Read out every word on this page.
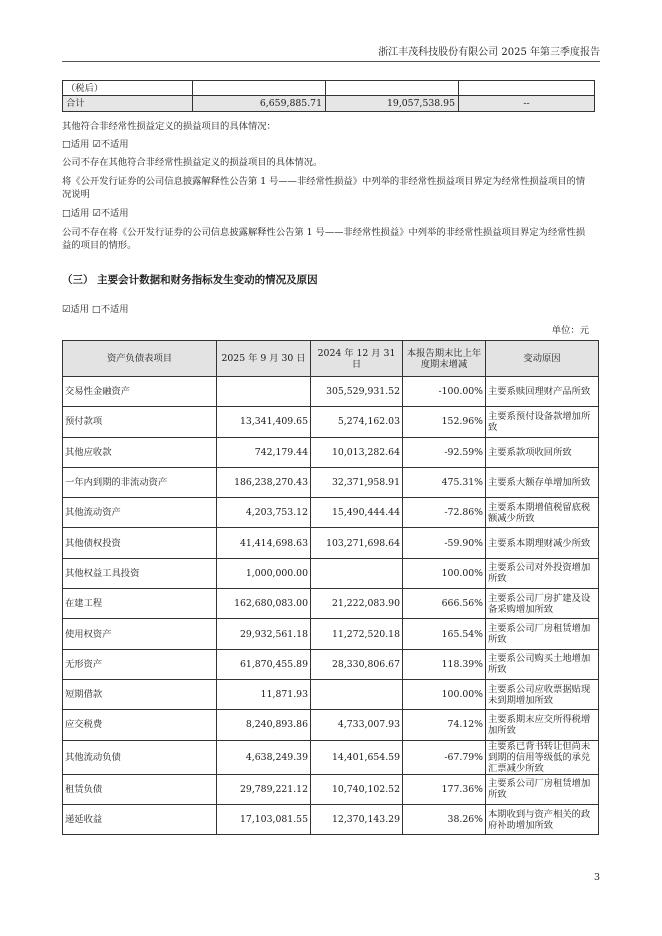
浙江丰茂科技股份有限公司 2025 年第三季度报告
（税后）			
合计	6,659,885.71	19,057,538.95	--
其他符合非经常性损益定义的损益项目的具体情况：
□适用 ☑不适用
公司不存在其他符合非经常性损益定义的损益项目的具体情况。
将《公开发行证券的公司信息披露解释性公告第 1 号——非经常性损益》中列举的非经常性损益项目界定为经常性损益项目的情况说明
□适用 ☑不适用
公司不存在将《公开发行证券的公司信息披露解释性公告第 1 号——非经常性损益》中列举的非经常性损益项目界定为经常性损益的项目的情形。
（三） 主要会计数据和财务指标发生变动的情况及原因
☑适用 □不适用
单位：元
资产负债表项目	2025 年 9 月 30 日	2024 年 12 月 31 日	本报告期末比上年度期末增减	变动原因
交易性金融资产		305,529,931.52	-100.00%	主要系赎回理财产品所致
预付款项	13,341,409.65	5,274,162.03	152.96%	主要系预付设备款增加所致
其他应收款	742,179.44	10,013,282.64	-92.59%	主要系款项收回所致
一年内到期的非流动资产	186,238,270.43	32,371,958.91	475.31%	主要系大额存单增加所致
其他流动资产	4,203,753.12	15,490,444.44	-72.86%	主要系本期增值税留底税额减少所致
其他债权投资	41,414,698.63	103,271,698.64	-59.90%	主要系本期理财减少所致
其他权益工具投资	1,000,000.00		100.00%	主要系公司对外投资增加所致
在建工程	162,680,083.00	21,222,083.90	666.56%	主要系公司厂房扩建及设备采购增加所致
使用权资产	29,932,561.18	11,272,520.18	165.54%	主要系公司厂房租赁增加所致
无形资产	61,870,455.89	28,330,806.67	118.39%	主要系公司购买土地增加所致
短期借款	11,871.93		100.00%	主要系公司应收票据贴现未到期增加所致
应交税费	8,240,893.86	4,733,007.93	74.12%	主要系期末应交所得税增加所致
其他流动负债	4,638,249.39	14,401,654.59	-67.79%	主要系已背书转让但尚未到期的信用等级低的承兑汇票减少所致
租赁负债	29,789,221.12	10,740,102.52	177.36%	主要系公司厂房租赁增加所致
递延收益	17,103,081.55	12,370,143.29	38.26%	本期收到与资产相关的政府补助增加所致
3
